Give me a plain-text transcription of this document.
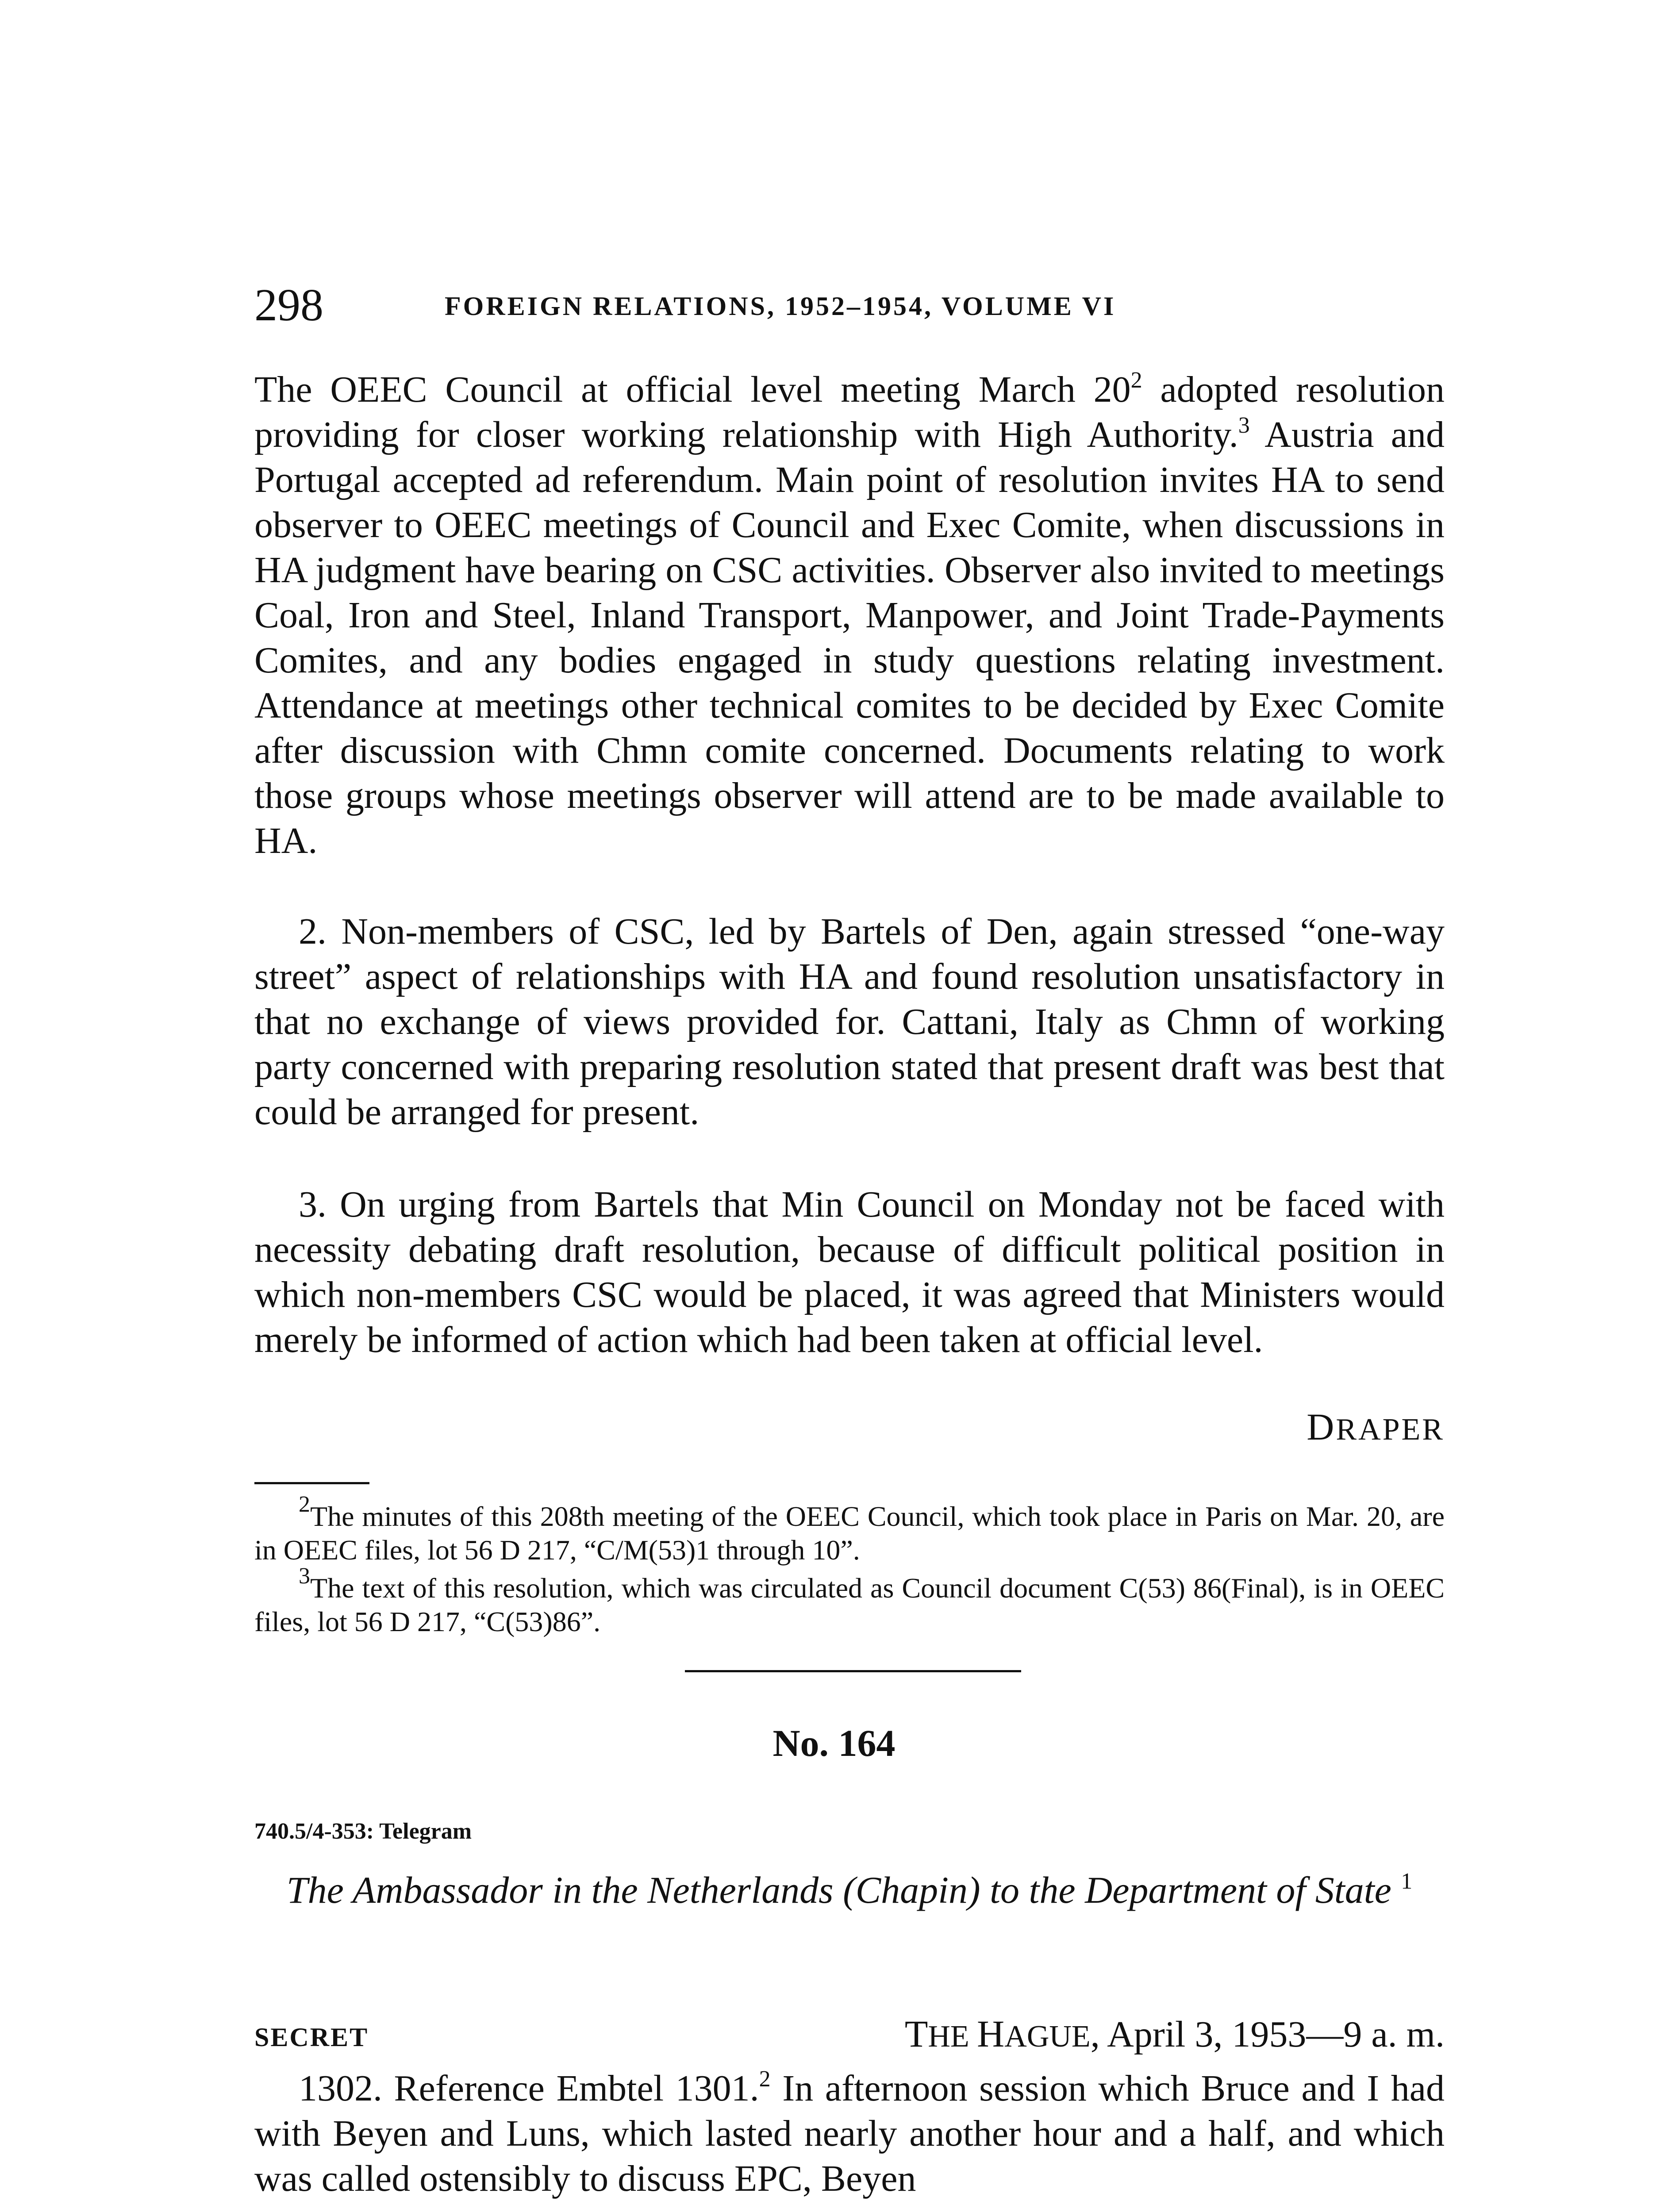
298	FOREIGN RELATIONS, 1952–1954, VOLUME VI

The OEEC Council at official level meeting March $20^2$ adopted resolution providing for closer working relationship with High Authority.$^3$ Austria and Portugal accepted ad referendum. Main point of resolution invites HA to send observer to OEEC meetings of Council and Exec Comite, when discussions in HA judgment have bearing on CSC activities. Observer also invited to meetings Coal, Iron and Steel, Inland Transport, Manpower, and Joint Trade-Payments Comites, and any bodies engaged in study questions relating investment. Attendance at meetings other technical comites to be decided by Exec Comite after discussion with Chmn comite concerned. Documents relating to work those groups whose meetings observer will attend are to be made available to HA.

2. Non-members of CSC, led by Bartels of Den, again stressed “one-way street” aspect of relationships with HA and found resolution unsatisfactory in that no exchange of views provided for. Cattani, Italy as Chmn of working party concerned with preparing resolution stated that present draft was best that could be arranged for present.

3. On urging from Bartels that Min Council on Monday not be faced with necessity debating draft resolution, because of difficult political position in which non-members CSC would be placed, it was agreed that Ministers would merely be informed of action which had been taken at official level.

DRAPER

$^2$The minutes of this 208th meeting of the OEEC Council, which took place in Paris on Mar. 20, are in OEEC files, lot 56 D 217, “C/M(53)1 through 10”.

$^3$The text of this resolution, which was circulated as Council document C(53) 86(Final), is in OEEC files, lot 56 D 217, “C(53)86”.

No. 164
740.5/4-353: Telegram

The Ambassador in the Netherlands (Chapin) to the Department of State $^1$

SECRET	THE HAGUE, April 3, 1953—9 a. m.

1302. Reference Embtel 1301.$^2$ In afternoon session which Bruce and I had with Beyen and Luns, which lasted nearly another hour and a half, and which was called ostensibly to discuss EPC, Beyen
